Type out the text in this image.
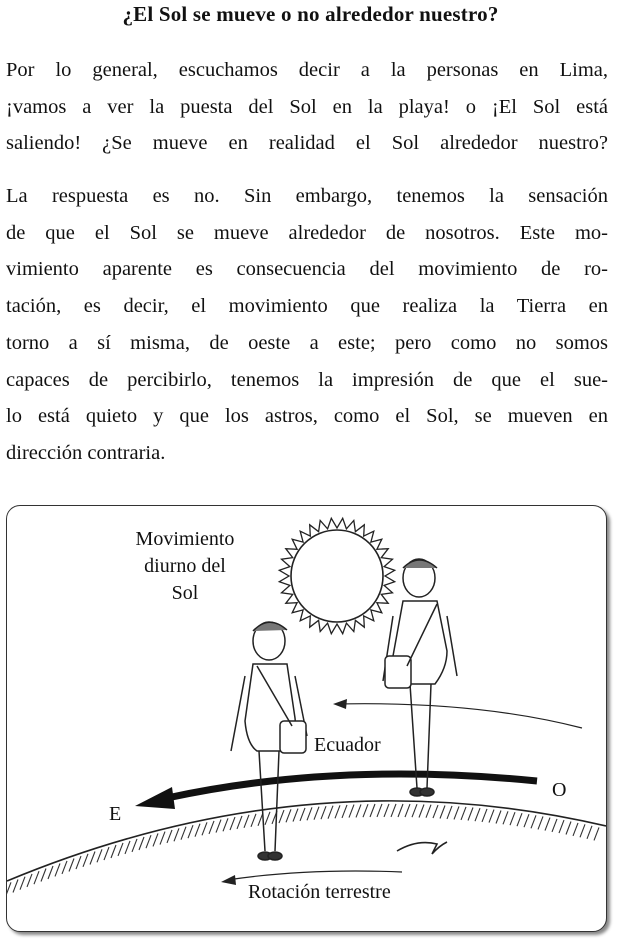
¿El Sol se mueve o no alrededor nuestro?

Por lo general, escuchamos decir a la personas en Lima,
¡vamos a ver la puesta del Sol en la playa! o ¡El Sol está
saliendo! ¿Se mueve en realidad el Sol alrededor nuestro?

La respuesta es no. Sin embargo, tenemos la sensación
de que el Sol se mueve alrededor de nosotros. Este mo-
vimiento aparente es consecuencia del movimiento de ro-
tación, es decir, el movimiento que realiza la Tierra en
torno a sí misma, de oeste a este; pero como no somos
capaces de percibirlo, tenemos la impresión de que el sue-
lo está quieto y que los astros, como el Sol, se mueven en
dirección contraria.

Movimiento
diurno del
Sol
Ecuador
E
O
Rotación terrestre
